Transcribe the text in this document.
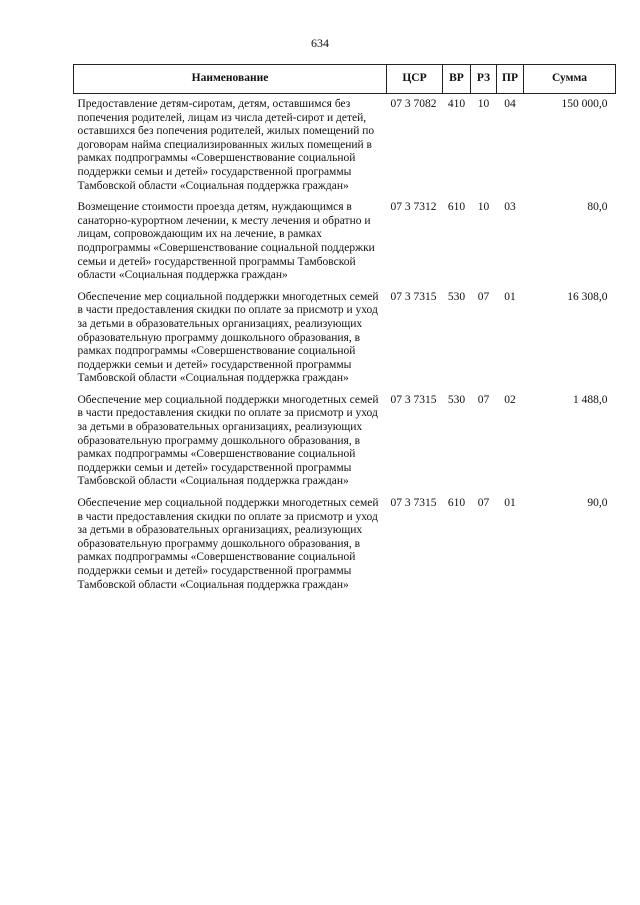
634
Наименование	ЦСР	ВР	РЗ	ПР	Сумма
Предоставление детям-сиротам, детям, оставшимся без попечения родителей, лицам из числа детей-сирот и детей, оставшихся без попечения родителей, жилых помещений по договорам найма специализированных жилых помещений в рамках подпрограммы «Совершенствование социальной поддержки семьи и детей» государственной программы Тамбовской области «Социальная поддержка граждан»	07 3 7082	410	10	04	150 000,0
Возмещение стоимости проезда детям, нуждающимся в санаторно-курортном лечении, к месту лечения и обратно и лицам, сопровождающим их на лечение, в рамках подпрограммы «Совершенствование социальной поддержки семьи и детей» государственной программы Тамбовской области «Социальная поддержка граждан»	07 3 7312	610	10	03	80,0
Обеспечение мер социальной поддержки многодетных семей в части предоставления скидки по оплате за присмотр и уход за детьми в образовательных организациях, реализующих образовательную программу дошкольного образования, в рамках подпрограммы «Совершенствование социальной поддержки семьи и детей» государственной программы Тамбовской области «Социальная поддержка граждан»	07 3 7315	530	07	01	16 308,0
Обеспечение мер социальной поддержки многодетных семей в части предоставления скидки по оплате за присмотр и уход за детьми в образовательных организациях, реализующих образовательную программу дошкольного образования, в рамках подпрограммы «Совершенствование социальной поддержки семьи и детей» государственной программы Тамбовской области «Социальная поддержка граждан»	07 3 7315	530	07	02	1 488,0
Обеспечение мер социальной поддержки многодетных семей в части предоставления скидки по оплате за присмотр и уход за детьми в образовательных организациях, реализующих образовательную программу дошкольного образования, в рамках подпрограммы «Совершенствование социальной поддержки семьи и детей» государственной программы Тамбовской области «Социальная поддержка граждан»	07 3 7315	610	07	01	90,0
